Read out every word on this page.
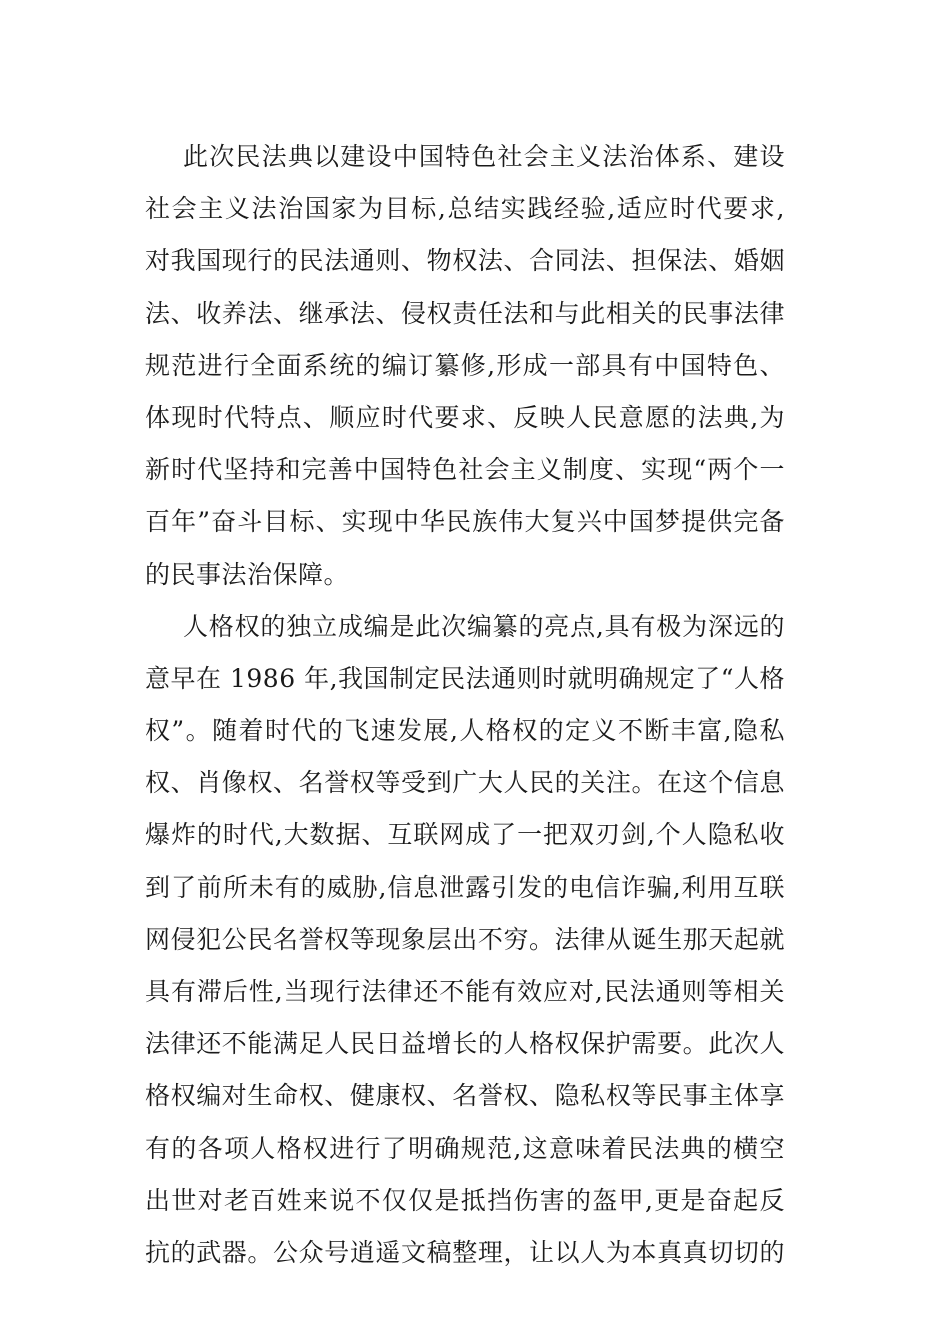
此次民法典以建设中国特色社会主义法治体系、建设
社会主义法治国家为目标,总结实践经验,适应时代要求,
对我国现行的民法通则、物权法、合同法、担保法、婚姻
法、收养法、继承法、侵权责任法和与此相关的民事法律
规范进行全面系统的编订纂修,形成一部具有中国特色、
体现时代特点、顺应时代要求、反映人民意愿的法典,为
新时代坚持和完善中国特色社会主义制度、实现“两个一
百年”奋斗目标、实现中华民族伟大复兴中国梦提供完备
的民事法治保障。
人格权的独立成编是此次编纂的亮点,具有极为深远的
意早在 1986 年,我国制定民法通则时就明确规定了“人格
权”。随着时代的飞速发展,人格权的定义不断丰富,隐私
权、肖像权、名誉权等受到广大人民的关注。在这个信息
爆炸的时代,大数据、互联网成了一把双刃剑,个人隐私收
到了前所未有的威胁,信息泄露引发的电信诈骗,利用互联
网侵犯公民名誉权等现象层出不穷。法律从诞生那天起就
具有滞后性,当现行法律还不能有效应对,民法通则等相关
法律还不能满足人民日益增长的人格权保护需要。此次人
格权编对生命权、健康权、名誉权、隐私权等民事主体享
有的各项人格权进行了明确规范,这意味着民法典的横空
出世对老百姓来说不仅仅是抵挡伤害的盔甲,更是奋起反
抗的武器。公众号逍遥文稿整理，让以人为本真真切切的
